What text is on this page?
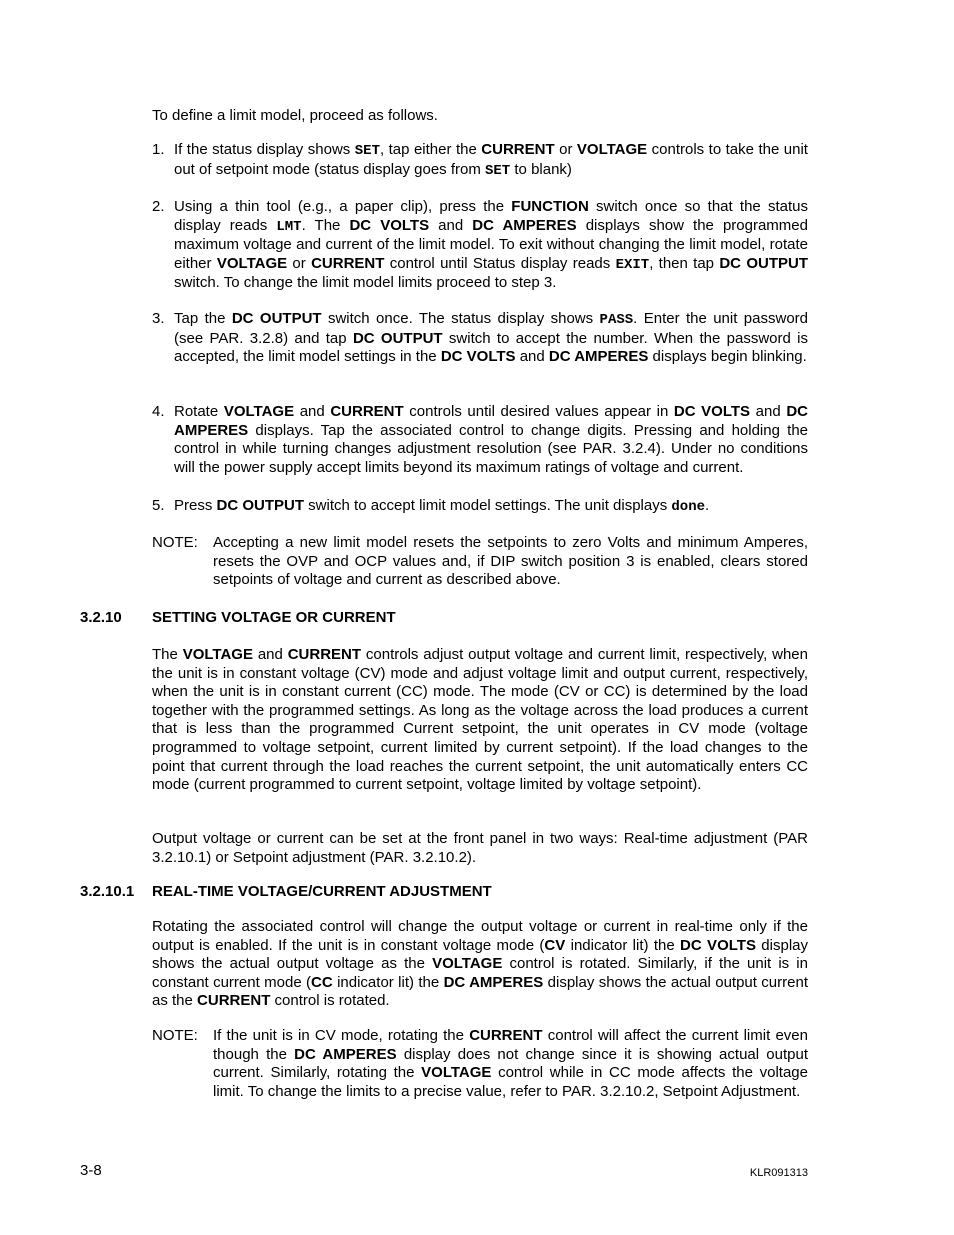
To define a limit model, proceed as follows.

1. If the status display shows SET, tap either the CURRENT or VOLTAGE controls to take the unit out of setpoint mode (status display goes from SET to blank)

2. Using a thin tool (e.g., a paper clip), press the FUNCTION switch once so that the status display reads LMT. The DC VOLTS and DC AMPERES displays show the programmed maximum voltage and current of the limit model. To exit without changing the limit model, rotate either VOLTAGE or CURRENT control until Status display reads EXIT, then tap DC OUTPUT switch. To change the limit model limits proceed to step 3.

3. Tap the DC OUTPUT switch once. The status display shows PASS. Enter the unit password (see PAR. 3.2.8) and tap DC OUTPUT switch to accept the number. When the password is accepted, the limit model settings in the DC VOLTS and DC AMPERES displays begin blinking.

4. Rotate VOLTAGE and CURRENT controls until desired values appear in DC VOLTS and DC AMPERES displays. Tap the associated control to change digits. Pressing and holding the control in while turning changes adjustment resolution (see PAR. 3.2.4). Under no conditions will the power supply accept limits beyond its maximum ratings of voltage and current.

5. Press DC OUTPUT switch to accept limit model settings. The unit displays done.

NOTE: Accepting a new limit model resets the setpoints to zero Volts and minimum Amperes, resets the OVP and OCP values and, if DIP switch position 3 is enabled, clears stored setpoints of voltage and current as described above.

3.2.10 SETTING VOLTAGE OR CURRENT

The VOLTAGE and CURRENT controls adjust output voltage and current limit, respectively, when the unit is in constant voltage (CV) mode and adjust voltage limit and output current, respectively, when the unit is in constant current (CC) mode. The mode (CV or CC) is determined by the load together with the programmed settings. As long as the voltage across the load produces a current that is less than the programmed Current setpoint, the unit operates in CV mode (voltage programmed to voltage setpoint, current limited by current setpoint). If the load changes to the point that current through the load reaches the current setpoint, the unit automatically enters CC mode (current programmed to current setpoint, voltage limited by voltage setpoint).

Output voltage or current can be set at the front panel in two ways: Real-time adjustment (PAR 3.2.10.1) or Setpoint adjustment (PAR. 3.2.10.2).

3.2.10.1 REAL-TIME VOLTAGE/CURRENT ADJUSTMENT

Rotating the associated control will change the output voltage or current in real-time only if the output is enabled. If the unit is in constant voltage mode (CV indicator lit) the DC VOLTS display shows the actual output voltage as the VOLTAGE control is rotated. Similarly, if the unit is in constant current mode (CC indicator lit) the DC AMPERES display shows the actual output current as the CURRENT control is rotated.

NOTE: If the unit is in CV mode, rotating the CURRENT control will affect the current limit even though the DC AMPERES display does not change since it is showing actual output current. Similarly, rotating the VOLTAGE control while in CC mode affects the voltage limit. To change the limits to a precise value, refer to PAR. 3.2.10.2, Setpoint Adjustment.

3-8	KLR091313
